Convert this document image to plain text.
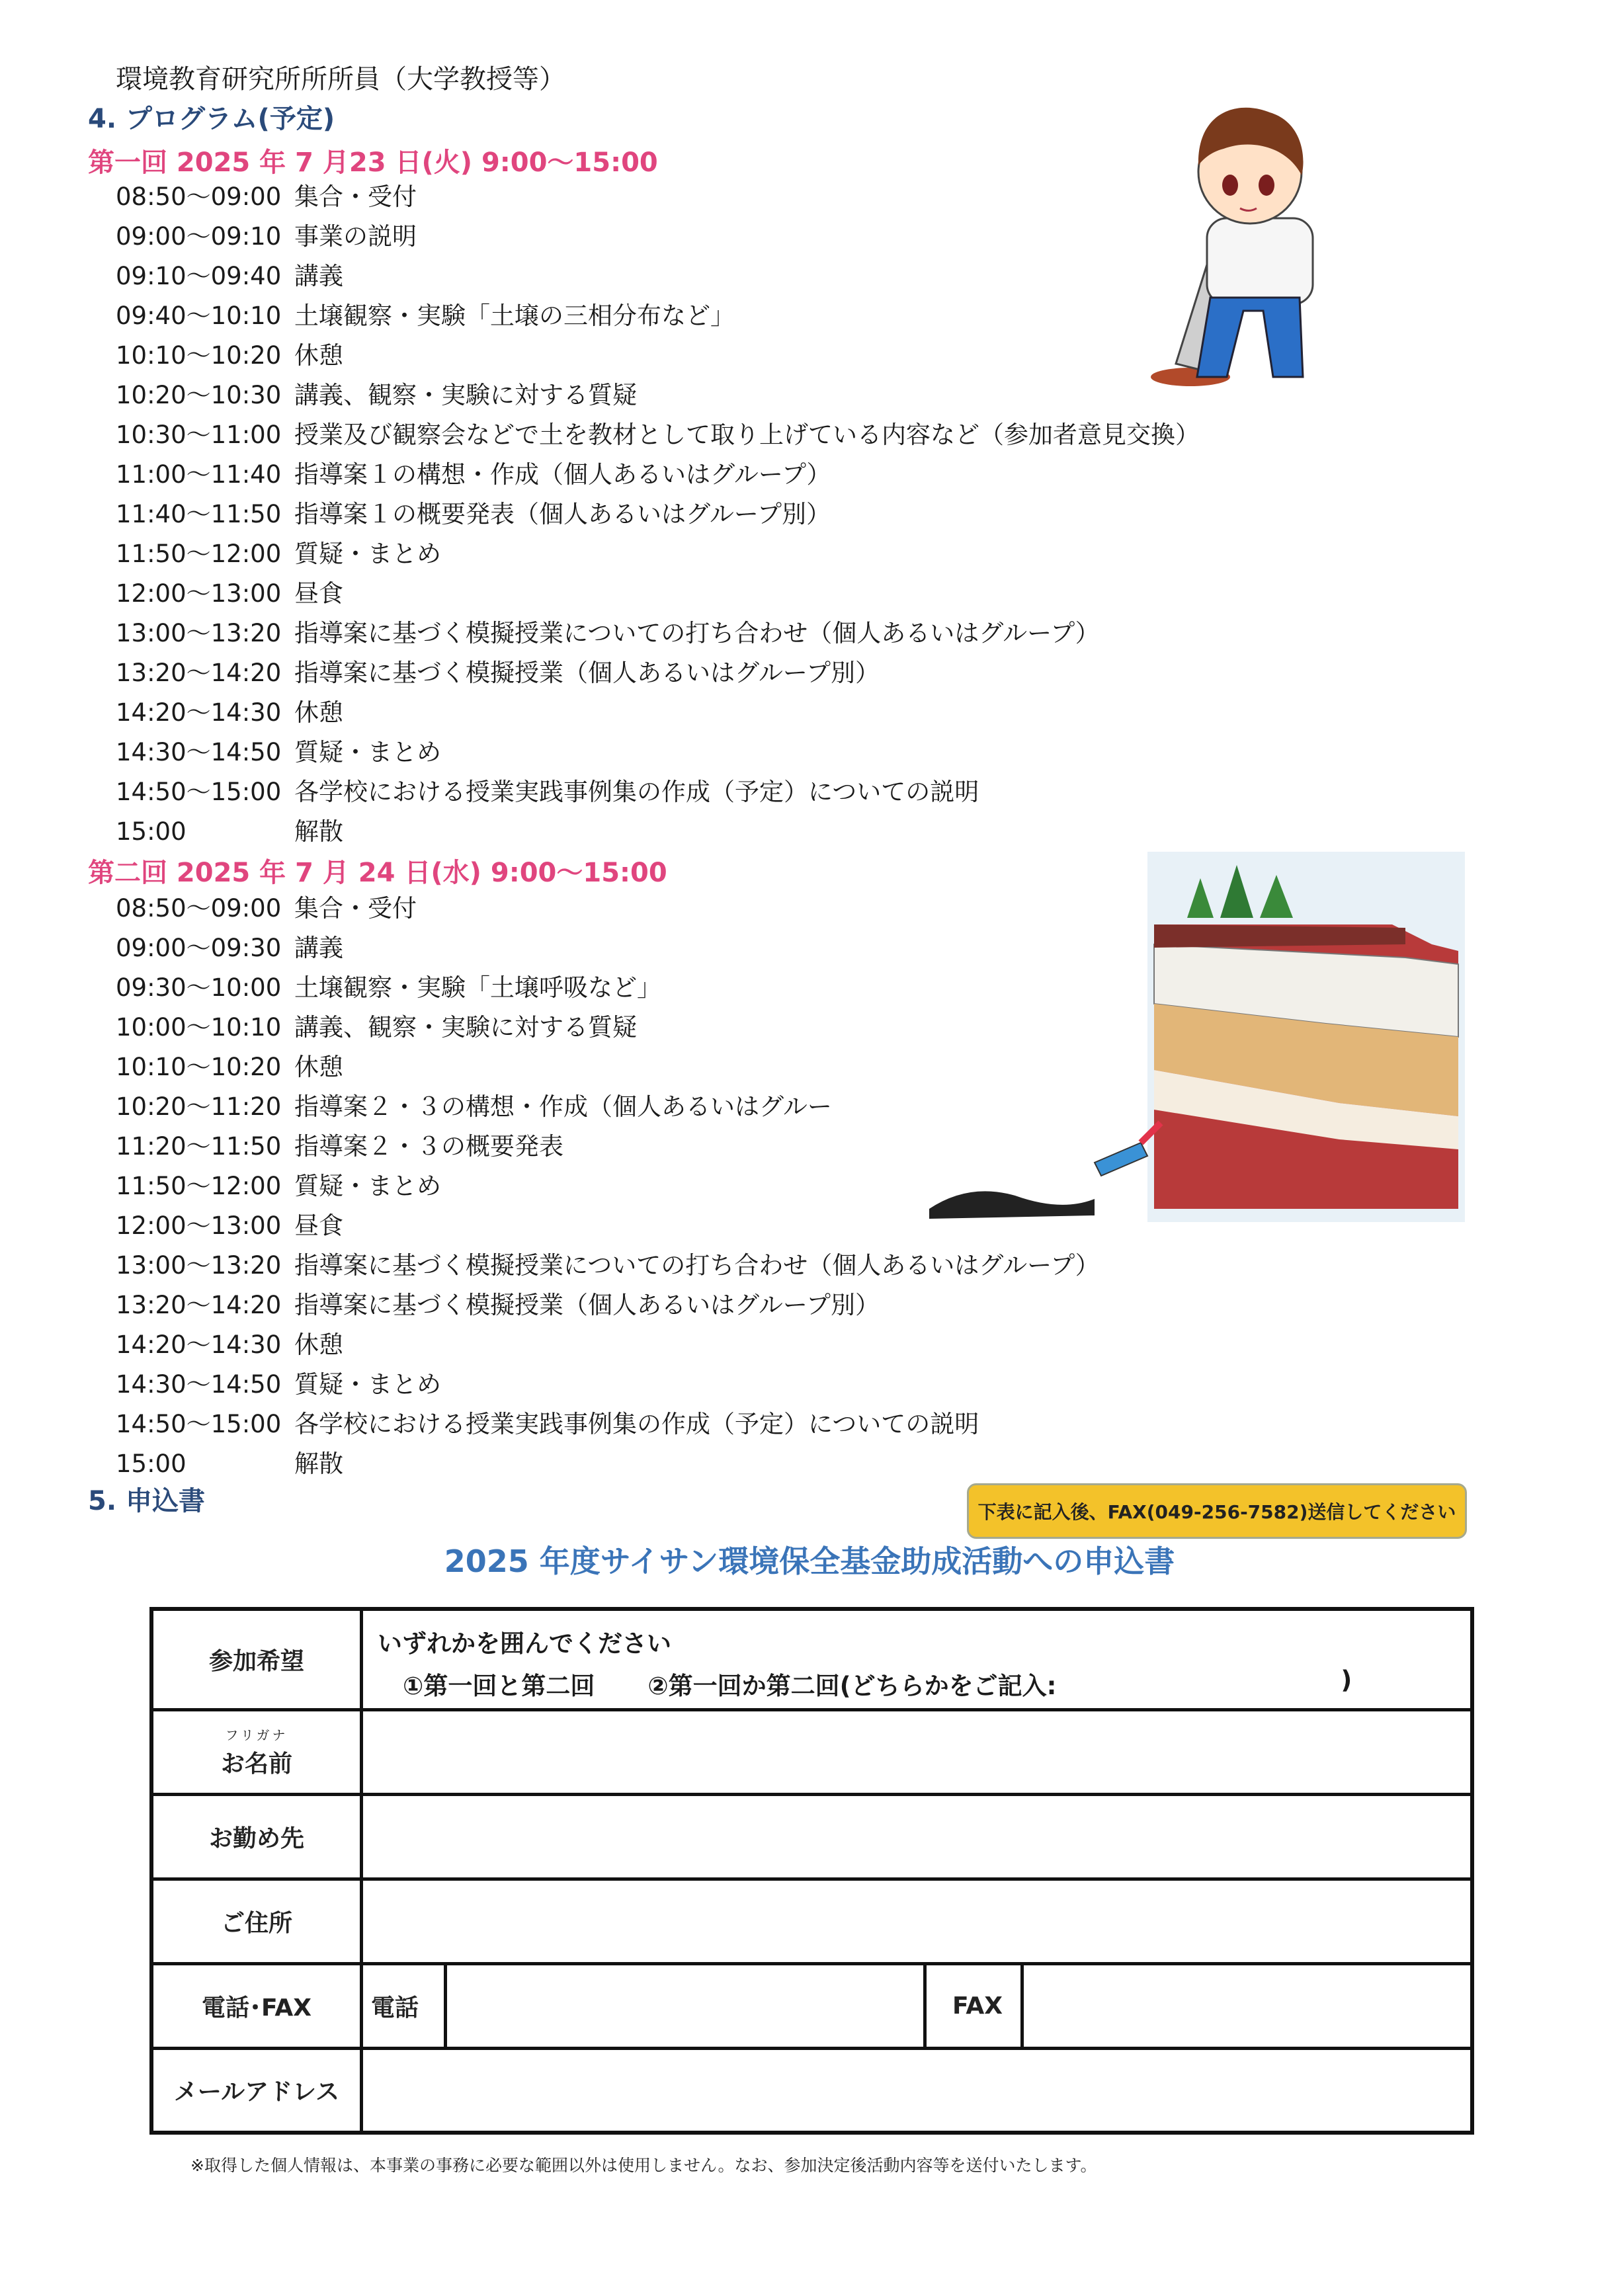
環境教育研究所所所員（大学教授等）
4. プログラム(予定)
第一回 2025 年 7 月23 日(火) 9:00～15:00
08:50～09:00 集合・受付
09:00～09:10 事業の説明
09:10～09:40 講義
09:40～10:10 土壌観察・実験「土壌の三相分布など」
10:10～10:20 休憩
10:20～10:30 講義、観察・実験に対する質疑
10:30～11:00 授業及び観察会などで土を教材として取り上げている内容など（参加者意見交換）
11:00～11:40 指導案１の構想・作成（個人あるいはグループ）
11:40～11:50 指導案１の概要発表（個人あるいはグループ別）
11:50～12:00 質疑・まとめ
12:00～13:00 昼食
13:00～13:20 指導案に基づく模擬授業についての打ち合わせ（個人あるいはグループ）
13:20～14:20 指導案に基づく模擬授業（個人あるいはグループ別）
14:20～14:30 休憩
14:30～14:50 質疑・まとめ
14:50～15:00 各学校における授業実践事例集の作成（予定）についての説明
15:00	解散
第二回 2025 年 7 月 24 日(水) 9:00～15:00
08:50～09:00 集合・受付
09:00～09:30 講義
09:30～10:00 土壌観察・実験「土壌呼吸など」
10:00～10:10 講義、観察・実験に対する質疑
10:10～10:20 休憩
10:20～11:20 指導案２・３の構想・作成（個人あるいはグルー
11:20～11:50 指導案２・３の概要発表
11:50～12:00 質疑・まとめ
12:00～13:00 昼食
13:00～13:20 指導案に基づく模擬授業についての打ち合わせ（個人あるいはグループ）
13:20～14:20 指導案に基づく模擬授業（個人あるいはグループ別）
14:20～14:30 休憩
14:30～14:50 質疑・まとめ
14:50～15:00 各学校における授業実践事例集の作成（予定）についての説明
15:00	解散
5. 申込書	下表に記入後、FAX(049-256-7582)送信してください
2025 年度サイサン環境保全基金助成活動への申込書
参加希望	いずれかを囲んでください
①第一回と第二回 ②第一回か第二回(どちらかをご記入: )			

フリガナ
お名前				
お勤め先				
ご住所				
電話･FAX	電話		FAX	
メールアドレス				
※取得した個人情報は、本事業の事務に必要な範囲以外は使用しません。なお、参加決定後活動内容等を送付いたします。
